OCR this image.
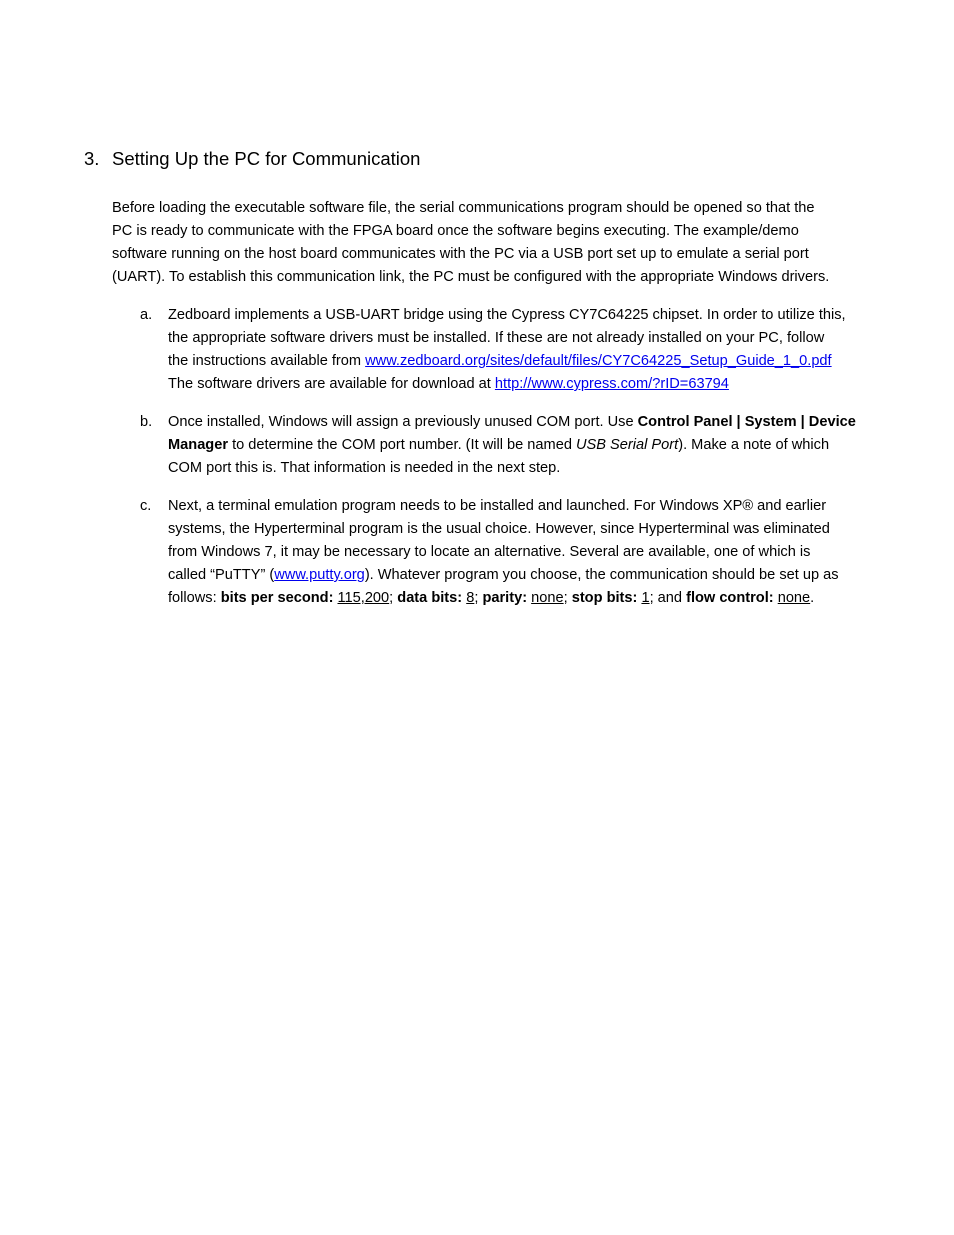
3. Setting Up the PC for Communication
Before loading the executable software file, the serial communications program should be opened so that the
PC is ready to communicate with the FPGA board once the software begins executing. The example/demo
software running on the host board communicates with the PC via a USB port set up to emulate a serial port
(UART). To establish this communication link, the PC must be configured with the appropriate Windows drivers.
a.	Zedboard implements a USB-UART bridge using the Cypress CY7C64225 chipset. In order to utilize this,
the appropriate software drivers must be installed. If these are not already installed on your PC, follow
the instructions available from www.zedboard.org/sites/default/files/CY7C64225_Setup_Guide_1_0.pdf
The software drivers are available for download at http://www.cypress.com/?rID=63794
b.	Once installed, Windows will assign a previously unused COM port. Use Control Panel | System | Device
Manager to determine the COM port number. (It will be named USB Serial Port). Make a note of which
COM port this is. That information is needed in the next step.
c.	Next, a terminal emulation program needs to be installed and launched. For Windows XP® and earlier
systems, the Hyperterminal program is the usual choice. However, since Hyperterminal was eliminated
from Windows 7, it may be necessary to locate an alternative. Several are available, one of which is
called “PuTTY” (www.putty.org). Whatever program you choose, the communication should be set up as
follows: bits per second: 115,200; data bits: 8; parity: none; stop bits: 1; and flow control: none.
